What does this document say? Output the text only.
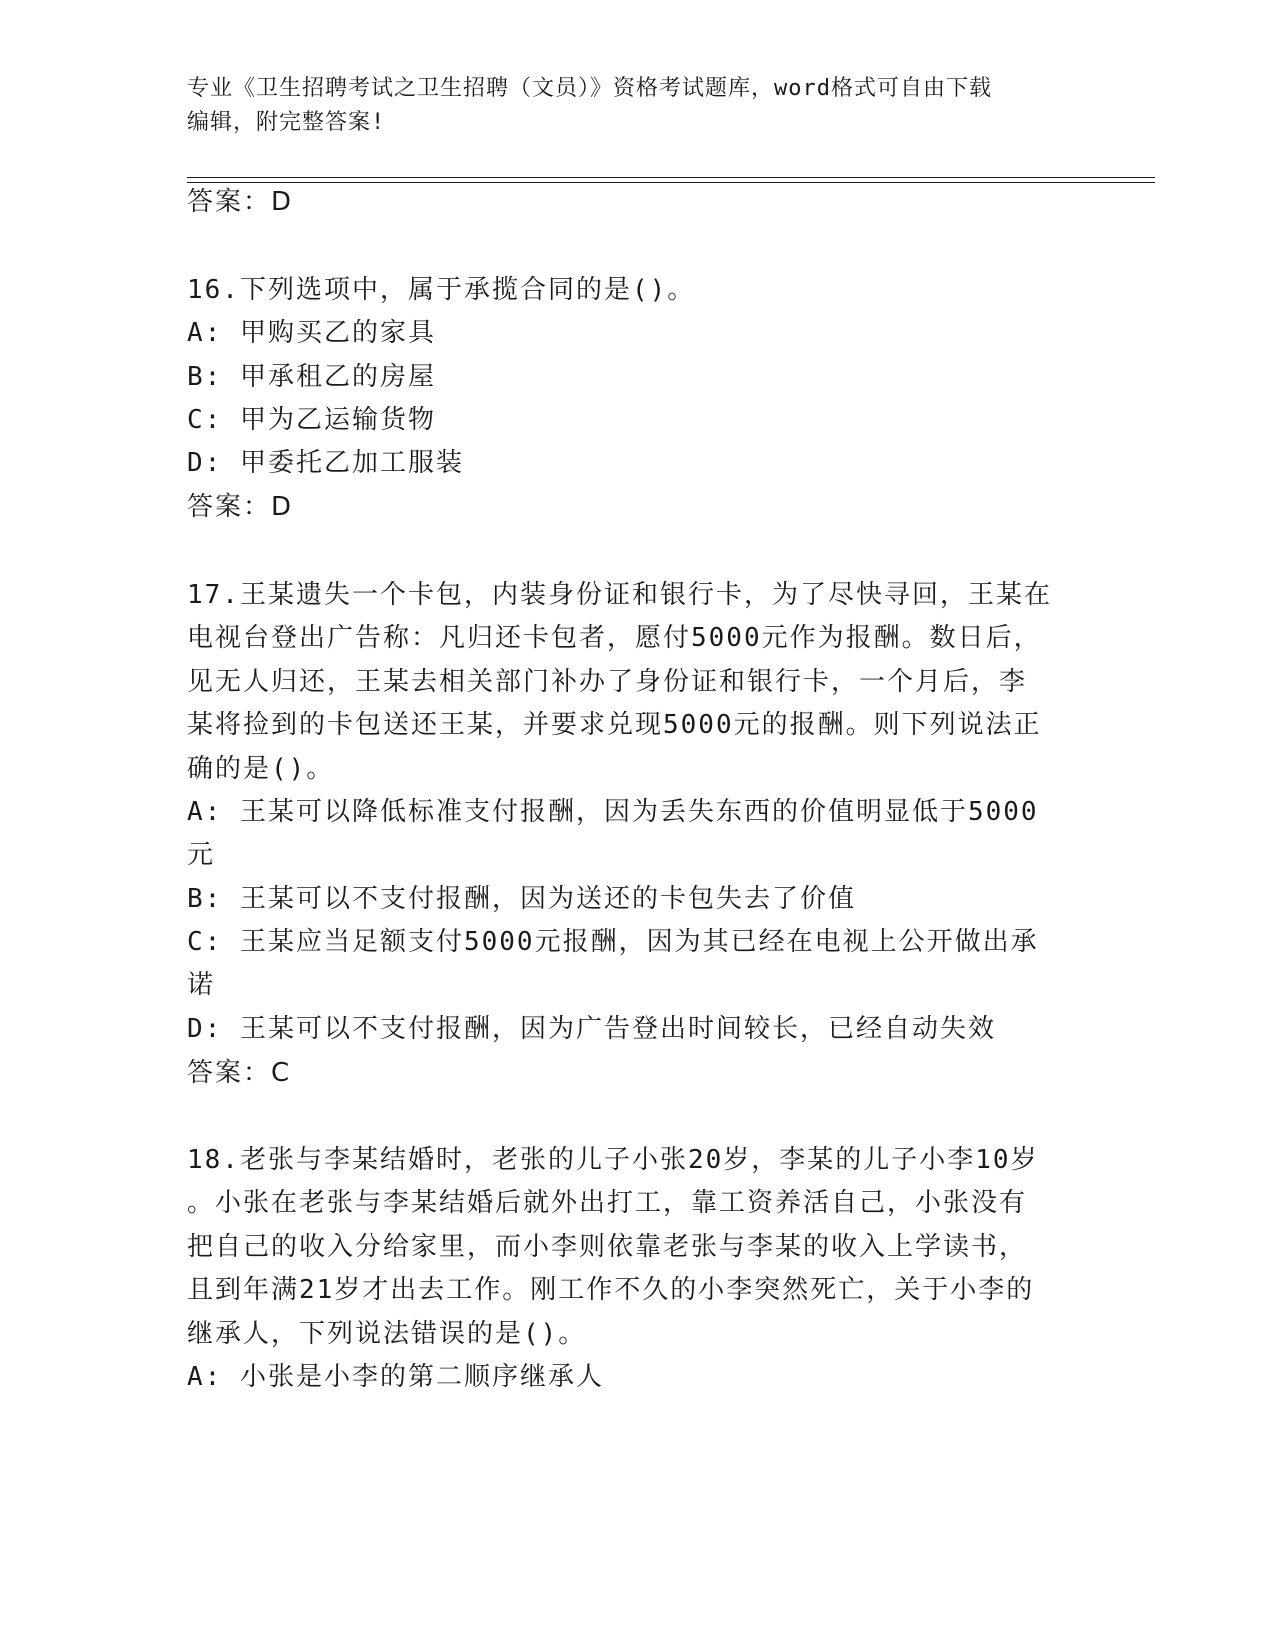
专业《卫生招聘考试之卫生招聘（文员）》资格考试题库，word格式可自由下载
编辑，附完整答案!
答案：D
16.下列选项中，属于承揽合同的是()。
A: 甲购买乙的家具
B: 甲承租乙的房屋
C: 甲为乙运输货物
D: 甲委托乙加工服装
答案：D
17.王某遗失一个卡包，内装身份证和银行卡，为了尽快寻回，王某在
电视台登出广告称：凡归还卡包者，愿付5000元作为报酬。数日后，
见无人归还，王某去相关部门补办了身份证和银行卡，一个月后，李
某将捡到的卡包送还王某，并要求兑现5000元的报酬。则下列说法正
确的是()。
A: 王某可以降低标准支付报酬，因为丢失东西的价值明显低于5000
元
B: 王某可以不支付报酬，因为送还的卡包失去了价值
C: 王某应当足额支付5000元报酬，因为其已经在电视上公开做出承
诺
D: 王某可以不支付报酬，因为广告登出时间较长，已经自动失效
答案：C
18.老张与李某结婚时，老张的儿子小张20岁，李某的儿子小李10岁
。小张在老张与李某结婚后就外出打工，靠工资养活自己，小张没有
把自己的收入分给家里，而小李则依靠老张与李某的收入上学读书，
且到年满21岁才出去工作。刚工作不久的小李突然死亡，关于小李的
继承人，下列说法错误的是()。
A: 小张是小李的第二顺序继承人
